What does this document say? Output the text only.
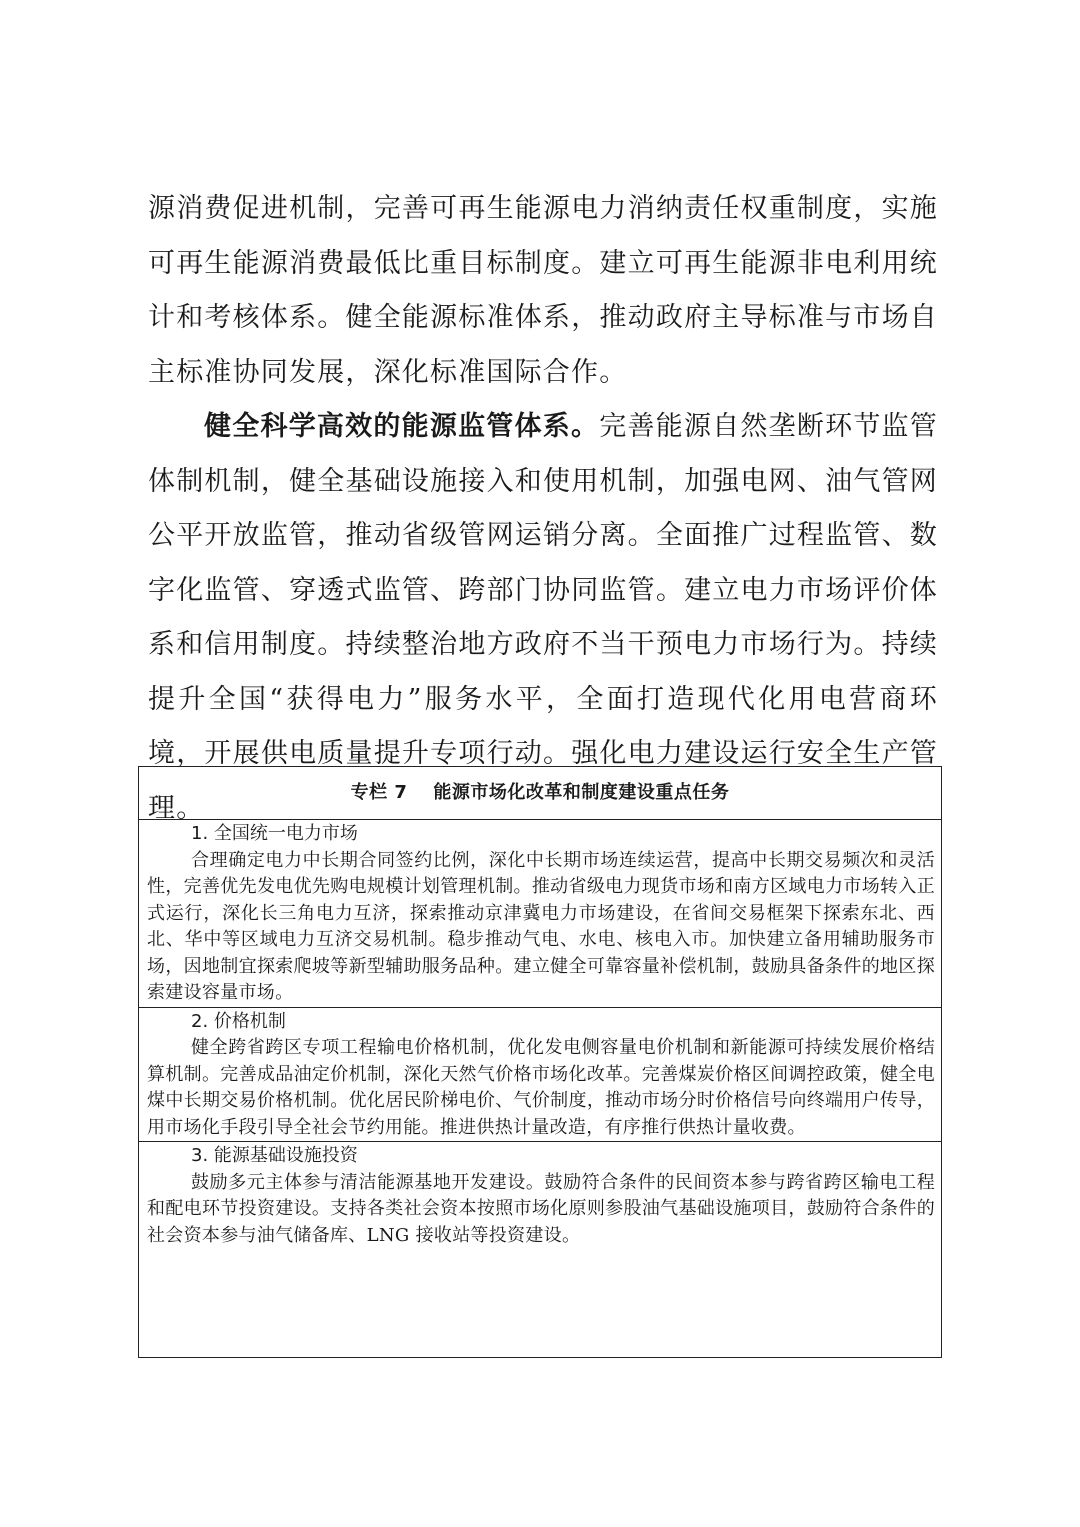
源消费促进机制，完善可再生能源电力消纳责任权重制度，实施可再生能源消费最低比重目标制度。建立可再生能源非电利用统计和考核体系。健全能源标准体系，推动政府主导标准与市场自主标准协同发展，深化标准国际合作。

健全科学高效的能源监管体系。完善能源自然垄断环节监管体制机制，健全基础设施接入和使用机制，加强电网、油气管网公平开放监管，推动省级管网运销分离。全面推广过程监管、数字化监管、穿透式监管、跨部门协同监管。建立电力市场评价体系和信用制度。持续整治地方政府不当干预电力市场行为。持续提升全国“获得电力”服务水平，全面打造现代化用电营商环境，开展供电质量提升专项行动。强化电力建设运行安全生产管理。	专栏 7 能源市场化改革和制度建设重点任务
1. 全国统一电力市场

合理确定电力中长期合同签约比例，深化中长期市场连续运营，提高中长期交易频次和灵活性，完善优先发电优先购电规模计划管理机制。推动省级电力现货市场和南方区域电力市场转入正式运行，深化长三角电力互济，探索推动京津冀电力市场建设，在省间交易框架下探索东北、西北、华中等区域电力互济交易机制。稳步推动气电、水电、核电入市。加快建立备用辅助服务市场，因地制宜探索爬坡等新型辅助服务品种。建立健全可靠容量补偿机制，鼓励具备条件的地区探索建设容量市场。

2. 价格机制

健全跨省跨区专项工程输电价格机制，优化发电侧容量电价机制和新能源可持续发展价格结算机制。完善成品油定价机制，深化天然气价格市场化改革。完善煤炭价格区间调控政策，健全电煤中长期交易价格机制。优化居民阶梯电价、气价制度，推动市场分时价格信号向终端用户传导，用市场化手段引导全社会节约用能。推进供热计量改造，有序推行供热计量收费。

3. 能源基础设施投资

鼓励多元主体参与清洁能源基地开发建设。鼓励符合条件的民间资本参与跨省跨区输电工程和配电环节投资建设。支持各类社会资本按照市场化原则参股油气基础设施项目，鼓励符合条件的社会资本参与油气储备库、LNG 接收站等投资建设。
